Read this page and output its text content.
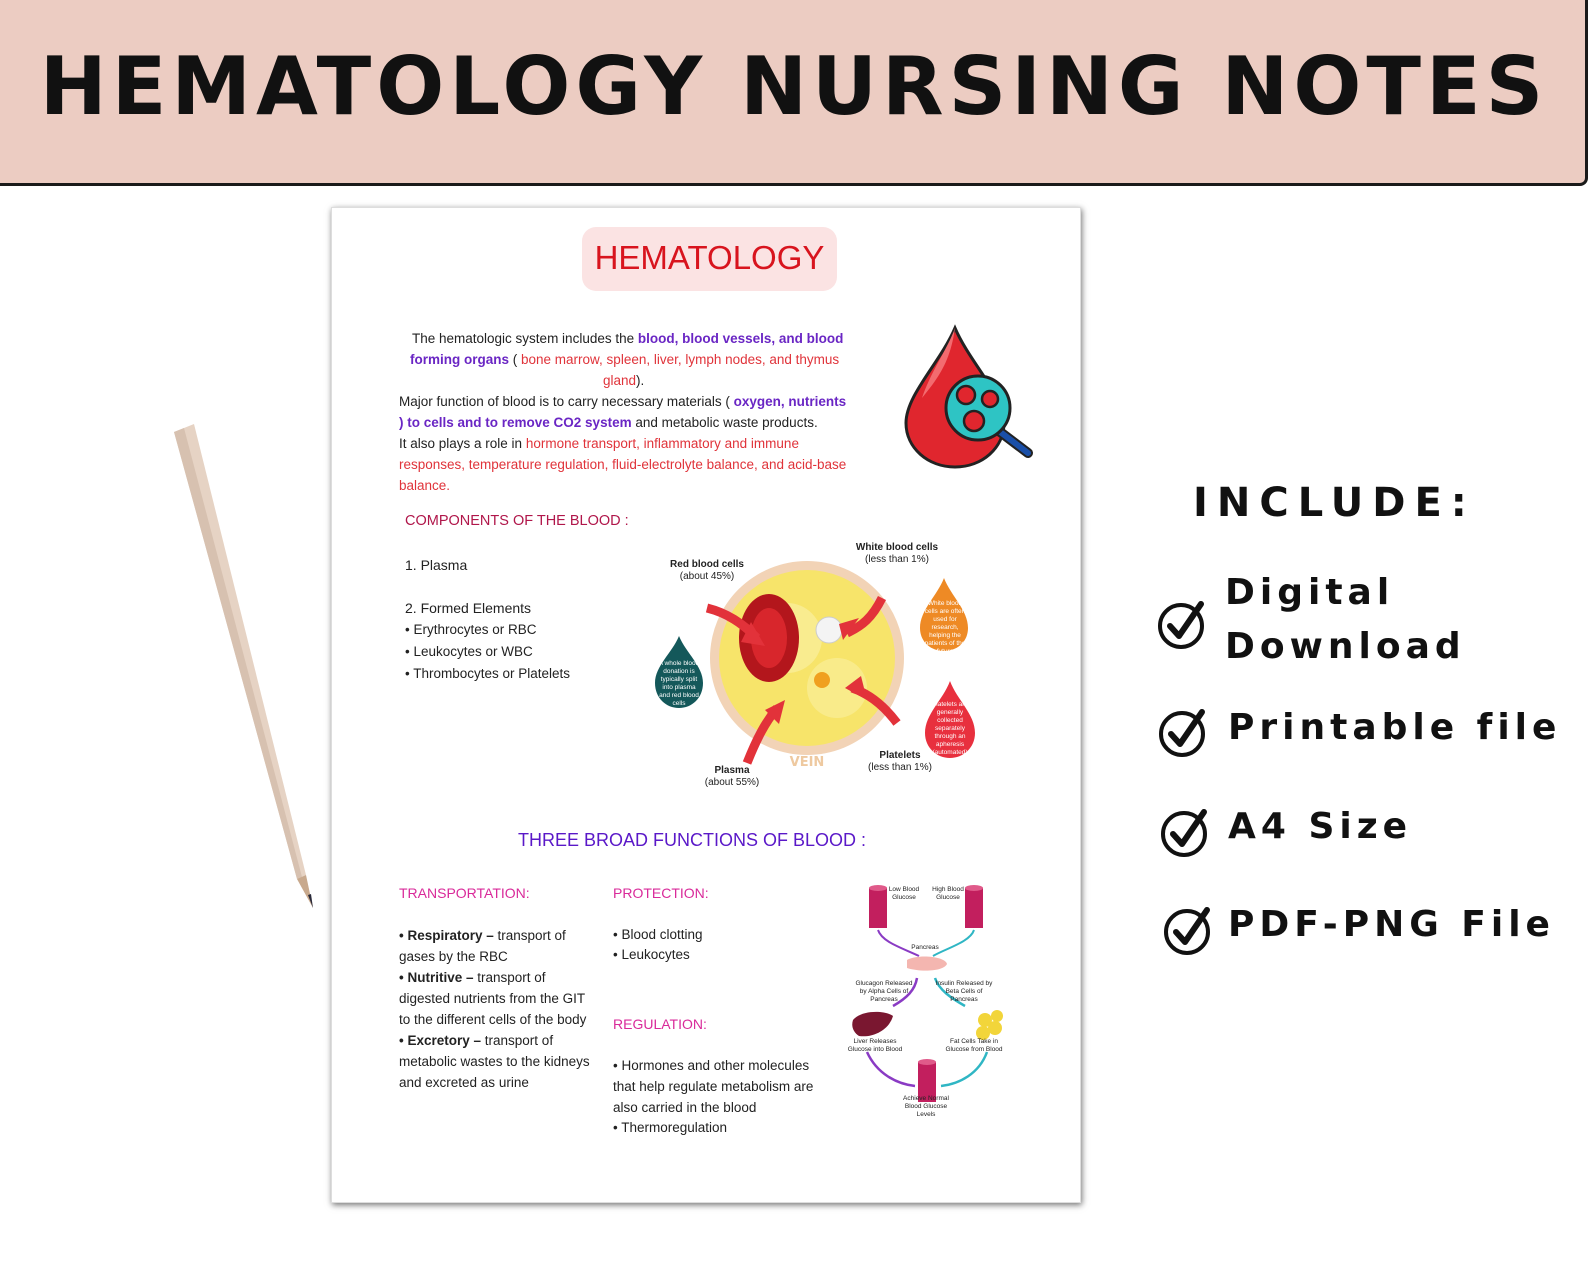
HEMATOLOGY NURSING NOTES
HEMATOLOGY
The hematologic system includes the blood, blood vessels, and blood
forming organs ( bone marrow, spleen, liver, lymph nodes, and thymus
gland).
Major function of blood is to carry necessary materials ( oxygen, nutrients
) to cells and to remove CO2 system and metabolic waste products.
It also plays a role in hormone transport, inflammatory and immune
responses, temperature regulation, fluid-electrolyte balance, and acid-base
balance.
COMPONENTS OF THE BLOOD :
1. Plasma
2. Formed Elements
• Erythrocytes or RBC
• Leukocytes or WBC
• Thrombocytes or Platelets
VEIN
Red blood cells
(about 45%)
White blood cells
(less than 1%)
Plasma
(about 55%)
Platelets
(less than 1%)
A whole blood donation is typically split into plasma and red blood cells
White blood cells are often used for research, helping the patients of the future
Platelets are generally collected separately through an apheresis (automated) process
THREE BROAD FUNCTIONS OF BLOOD :
TRANSPORTATION:
• Respiratory – transport of
gases by the RBC
• Nutritive – transport of
digested nutrients from the GIT
to the different cells of the body
• Excretory – transport of
metabolic wastes to the kidneys
and excreted as urine
PROTECTION:
• Blood clotting
• Leukocytes
REGULATION:
• Hormones and other molecules
that help regulate metabolism are
also carried in the blood
• Thermoregulation
Low Blood Glucose
High Blood Glucose
Pancreas
Glucagon Released by Alpha Cells of Pancreas
Insulin Released by Beta Cells of Pancreas
Liver Releases Glucose into Blood
Fat Cells Take in Glucose from Blood
Achieve Normal Blood Glucose Levels
INCLUDE:
Digital
Download
Printable file
A4 Size
PDF-PNG File
